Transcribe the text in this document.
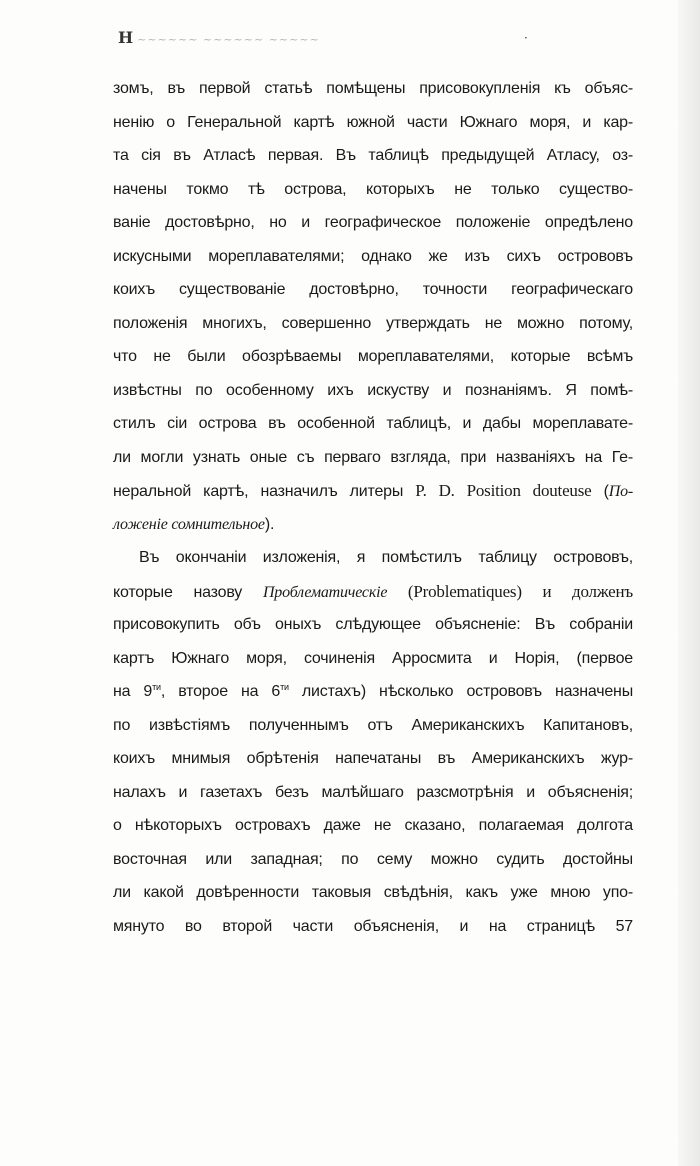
Н ~~~~~~ ~~~~~~ ~~~~~	·
зомъ, въ первой статьѣ помѣщены присовокупленія къ объяс-
ненію о Генеральной картѣ южной части Южнаго моря, и кар-
та сія въ Атласѣ первая. Въ таблицѣ предыдущей Атласу, оз-
начены токмо тѣ острова, которыхъ не только существо-
ваніе достовѣрно, но и географическое положеніе опредѣлено
искусными мореплавателями; однако же изъ сихъ острововъ
коихъ существованіе достовѣрно, точности географическаго
положенія многихъ, совершенно утверждать не можно потому,
что не были обозрѣваемы мореплавателями, которые всѣмъ
извѣстны по особенному ихъ искуству и познаніямъ. Я помѣ-
стилъ сіи острова въ особенной таблицѣ, и дабы мореплавате-
ли могли узнать оные съ перваго взгляда, при названіяхъ на Ге-
неральной картѣ, назначилъ литеры P. D. Position douteuse (По-
ложеніе сомнительное).
Въ окончаніи изложенія, я помѣстилъ таблицу острововъ,
которые назову Проблематическіе (Problematiques) и долженъ
присовокупить объ оныхъ слѣдующее объясненіе: Въ собраніи
картъ Южнаго моря, сочиненія Арросмита и Норія, (первое
на $9^{ти}$, второе на $6^{ти}$ листахъ) нѣсколько острововъ назначены
по извѣстіямъ полученнымъ отъ Американскихъ Капитановъ,
коихъ мнимыя обрѣтенія напечатаны въ Американскихъ жур-
налахъ и газетахъ безъ малѣйшаго разсмотрѣнія и объясненія;
о нѣкоторыхъ островахъ даже не сказано, полагаемая долгота
восточная или западная; по сему можно судить достойны
ли какой довѣренности таковыя свѣдѣнія, какъ уже мною упо-
мянуто во второй части объясненія, и на страницѣ 57
